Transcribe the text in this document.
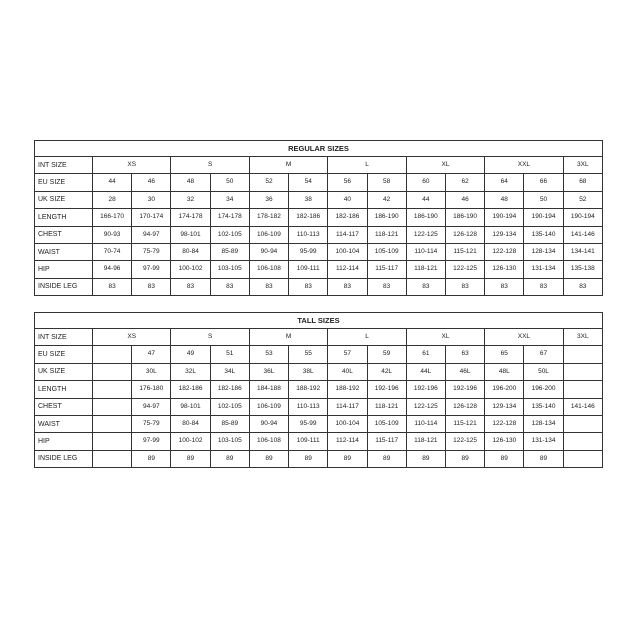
REGULAR SIZES													
INT SIZE	XS		S		M		L		XL		XXL		3XL
EU SIZE	44	46	48	50	52	54	56	58	60	62	64	66	68
UK SIZE	28	30	32	34	36	38	40	42	44	46	48	50	52
LENGTH	166-170	170-174	174-178	174-178	178-182	182-186	182-186	186-190	186-190	186-190	190-194	190-194	190-194
CHEST	90-93	94-97	98-101	102-105	106-109	110-113	114-117	118-121	122-125	126-128	129-134	135-140	141-146
WAIST	70-74	75-79	80-84	85-89	90-94	95-99	100-104	105-109	110-114	115-121	122-128	128-134	134-141
HIP	94-96	97-99	100-102	103-105	106-108	109-111	112-114	115-117	118-121	122-125	126-130	131-134	135-138
INSIDE LEG	83	83	83	83	83	83	83	83	83	83	83	83	83
TALL SIZES													
INT SIZE	XS		S		M		L		XL		XXL		3XL
EU SIZE		47	49	51	53	55	57	59	61	63	65	67	
UK SIZE		30L	32L	34L	36L	38L	40L	42L	44L	46L	48L	50L	
LENGTH		176-180	182-186	182-186	184-188	188-192	188-192	192-196	192-196	192-196	196-200	196-200	
CHEST		94-97	98-101	102-105	106-109	110-113	114-117	118-121	122-125	126-128	129-134	135-140	141-146
WAIST		75-79	80-84	85-89	90-94	95-99	100-104	105-109	110-114	115-121	122-128	128-134	
HIP		97-99	100-102	103-105	106-108	109-111	112-114	115-117	118-121	122-125	126-130	131-134	
INSIDE LEG		89	89	89	89	89	89	89	89	89	89	89	
